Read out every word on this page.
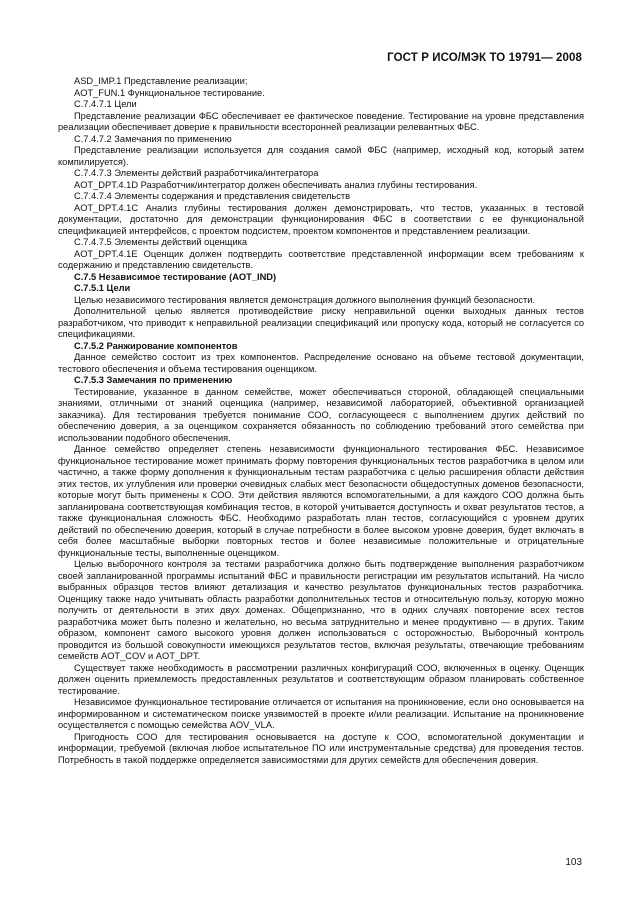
ГОСТ Р ИСО/МЭК ТО 19791— 2008

ASD_IMP.1 Представление реализации;

AOT_FUN.1 Функциональное тестирование.

C.7.4.7.1 Цели

Представление реализации ФБС обеспечивает ее фактическое поведение. Тестирование на уровне представления реализации обеспечивает доверие к правильности всесторонней реализации релевантных ФБС.

C.7.4.7.2 Замечания по применению

Представление реализации используется для создания самой ФБС (например, исходный код, который затем компилируется).

C.7.4.7.3 Элементы действий разработчика/интегратора

AOT_DPT.4.1D Разработчик/интегратор должен обеспечивать анализ глубины тестирования.

C.7.4.7.4 Элементы содержания и представления свидетельств

AOT_DPT.4.1C Анализ глубины тестирования должен демонстрировать, что тестов, указанных в тестовой документации, достаточно для демонстрации функционирования ФБС в соответствии с ее функциональной спецификацией интерфейсов, с проектом подсистем, проектом компонентов и представлением реализации.

C.7.4.7.5 Элементы действий оценщика

AOT_DPT.4.1E Оценщик должен подтвердить соответствие представленной информации всем требованиям к содержанию и представлению свидетельств.

C.7.5 Независимое тестирование (AOT_IND)

C.7.5.1 Цели

Целью независимого тестирования является демонстрация должного выполнения функций безопасности.

Дополнительной целью является противодействие риску неправильной оценки выходных данных тестов разработчиком, что приводит к неправильной реализации спецификаций или пропуску кода, который не согласуется со спецификациями.

C.7.5.2 Ранжирование компонентов

Данное семейство состоит из трех компонентов. Распределение основано на объеме тестовой документации, тестового обеспечения и объема тестирования оценщиком.

C.7.5.3 Замечания по применению

Тестирование, указанное в данном семействе, может обеспечиваться стороной, обладающей специальными знаниями, отличными от знаний оценщика (например, независимой лабораторией, объективной организацией заказчика). Для тестирования требуется понимание СОО, согласующееся с выполнением других действий по обеспечению доверия, а за оценщиком сохраняется обязанность по соблюдению требований этого семейства при использовании подобного обеспечения.

Данное семейство определяет степень независимости функционального тестирования ФБС. Независимое функциональное тестирование может принимать форму повторения функциональных тестов разработчика в целом или частично, а также форму дополнения к функциональным тестам разработчика с целью расширения области действия этих тестов, их углубления или проверки очевидных слабых мест безопасности общедоступных доменов безопасности, которые могут быть применены к СОО. Эти действия являются вспомогательными, а для каждого СОО должна быть запланирована соответствующая комбинация тестов, в которой учитывается доступность и охват результатов тестов, а также функциональная сложность ФБС. Необходимо разработать план тестов, согласующийся с уровнем других действий по обеспечению доверия, который в случае потребности в более высоком уровне доверия, будет включать в себя более масштабные выборки повторных тестов и более независимые положительные и отрицательные функциональные тесты, выполненные оценщиком.

Целью выборочного контроля за тестами разработчика должно быть подтверждение выполнения разработчиком своей запланированной программы испытаний ФБС и правильности регистрации им результатов испытаний. На число выбранных образцов тестов влияют детализация и качество результатов функциональных тестов разработчика. Оценщику также надо учитывать область разработки дополнительных тестов и относительную пользу, которую можно получить от деятельности в этих двух доменах. Общепризнанно, что в одних случаях повторение всех тестов разработчика может быть полезно и желательно, но весьма затруднительно и менее продуктивно — в других. Таким образом, компонент самого высокого уровня должен использоваться с осторожностью. Выборочный контроль проводится из большой совокупности имеющихся результатов тестов, включая результаты, отвечающие требованиям семейств AOT_COV и AOT_DPT.

Существует также необходимость в рассмотрении различных конфигураций СОО, включенных в оценку. Оценщик должен оценить приемлемость предоставленных результатов и соответствующим образом планировать собственное тестирование.

Независимое функциональное тестирование отличается от испытания на проникновение, если оно основывается на информированном и систематическом поиске уязвимостей в проекте и/или реализации. Испытание на проникновение осуществляется с помощью семейства AOV_VLA.

Пригодность СОО для тестирования основывается на доступе к СОО, вспомогательной документации и информации, требуемой (включая любое испытательное ПО или инструментальные средства) для проведения тестов. Потребность в такой поддержке определяется зависимостями для других семейств для обеспечения доверия.

103
